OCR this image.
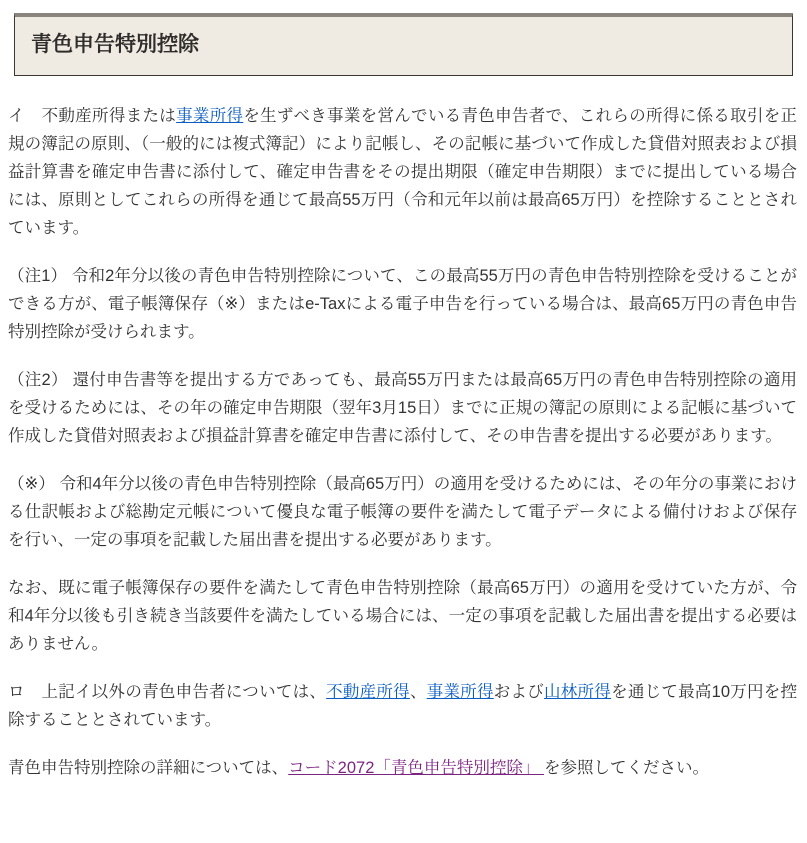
青色申告特別控除

イ　不動産所得または事業所得を生ずべき事業を営んでいる青色申告者で、これらの所得に係る取引を正規の簿記の原則、（一般的には複式簿記）により記帳し、その記帳に基づいて作成した貸借対照表および損益計算書を確定申告書に添付して、確定申告書をその提出期限（確定申告期限）までに提出している場合には、原則としてこれらの所得を通じて最高55万円（令和元年以前は最高65万円）を控除することとされています。

（注1） 令和2年分以後の青色申告特別控除について、この最高55万円の青色申告特別控除を受けることができる方が、電子帳簿保存（※）またはe-Taxによる電子申告を行っている場合は、最高65万円の青色申告特別控除が受けられます。

（注2） 還付申告書等を提出する方であっても、最高55万円または最高65万円の青色申告特別控除の適用を受けるためには、その年の確定申告期限（翌年3月15日）までに正規の簿記の原則による記帳に基づいて作成した貸借対照表および損益計算書を確定申告書に添付して、その申告書を提出する必要があります。

（※） 令和4年分以後の青色申告特別控除（最高65万円）の適用を受けるためには、その年分の事業における仕訳帳および総勘定元帳について優良な電子帳簿の要件を満たして電子データによる備付けおよび保存を行い、一定の事項を記載した届出書を提出する必要があります。

なお、既に電子帳簿保存の要件を満たして青色申告特別控除（最高65万円）の適用を受けていた方が、令和4年分以後も引き続き当該要件を満たしている場合には、一定の事項を記載した届出書を提出する必要はありません。

ロ　上記イ以外の青色申告者については、不動産所得、事業所得および山林所得を通じて最高10万円を控除することとされています。

青色申告特別控除の詳細については、コード2072「青色申告特別控除」 を参照してください。
